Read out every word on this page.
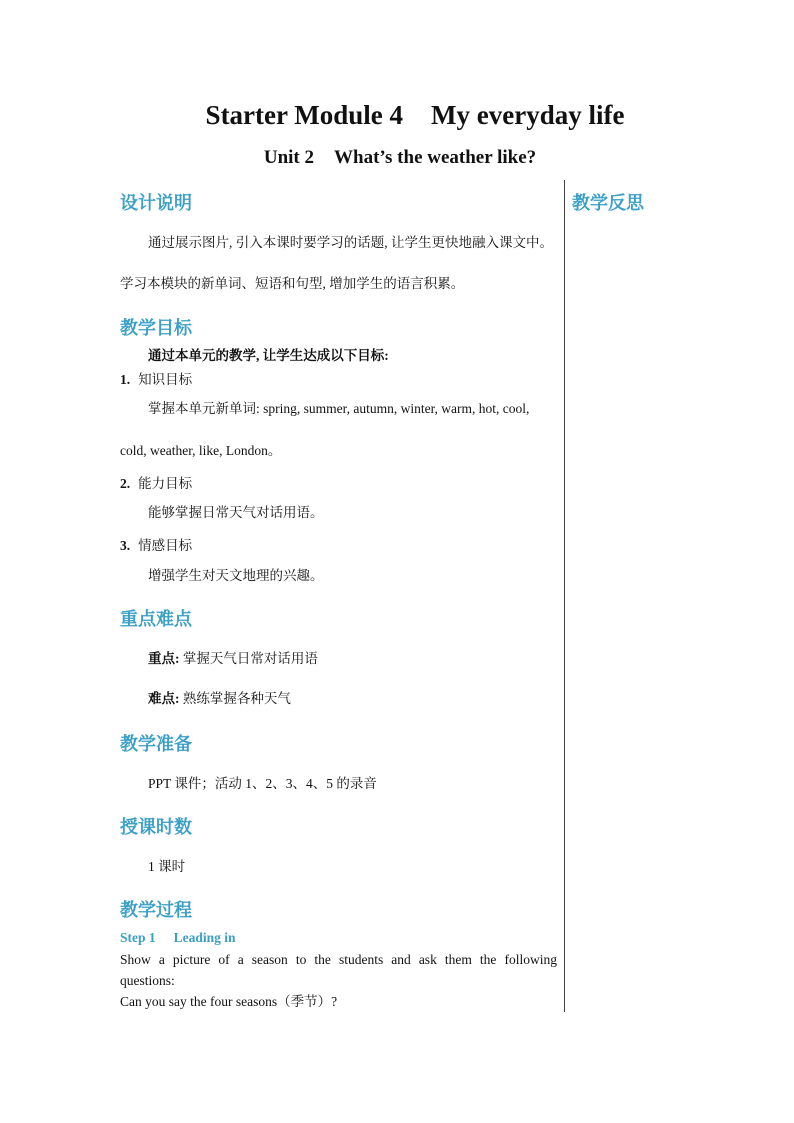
Starter Module 4 My everyday life
Unit 2 What’s the weather like?
教学反思
设计说明
通过展示图片, 引入本课时要学习的话题, 让学生更快地融入课文中。
学习本模块的新单词、短语和句型, 增加学生的语言积累。
教学目标
通过本单元的教学, 让学生达成以下目标:
1. 知识目标
掌握本单元新单词: spring, summer, autumn, winter, warm, hot, cool,
cold, weather, like, London。
2. 能力目标
能够掌握日常天气对话用语。
3. 情感目标
增强学生对天文地理的兴趣。
重点难点
重点: 掌握天气日常对话用语
难点: 熟练掌握各种天气
教学准备
PPT 课件；活动 1、2、3、4、5 的录音
授课时数
1 课时
教学过程
Step 1 Leading in
Show a picture of a season to the students and ask them the following
questions:
Can you say the four seasons（季节）?
